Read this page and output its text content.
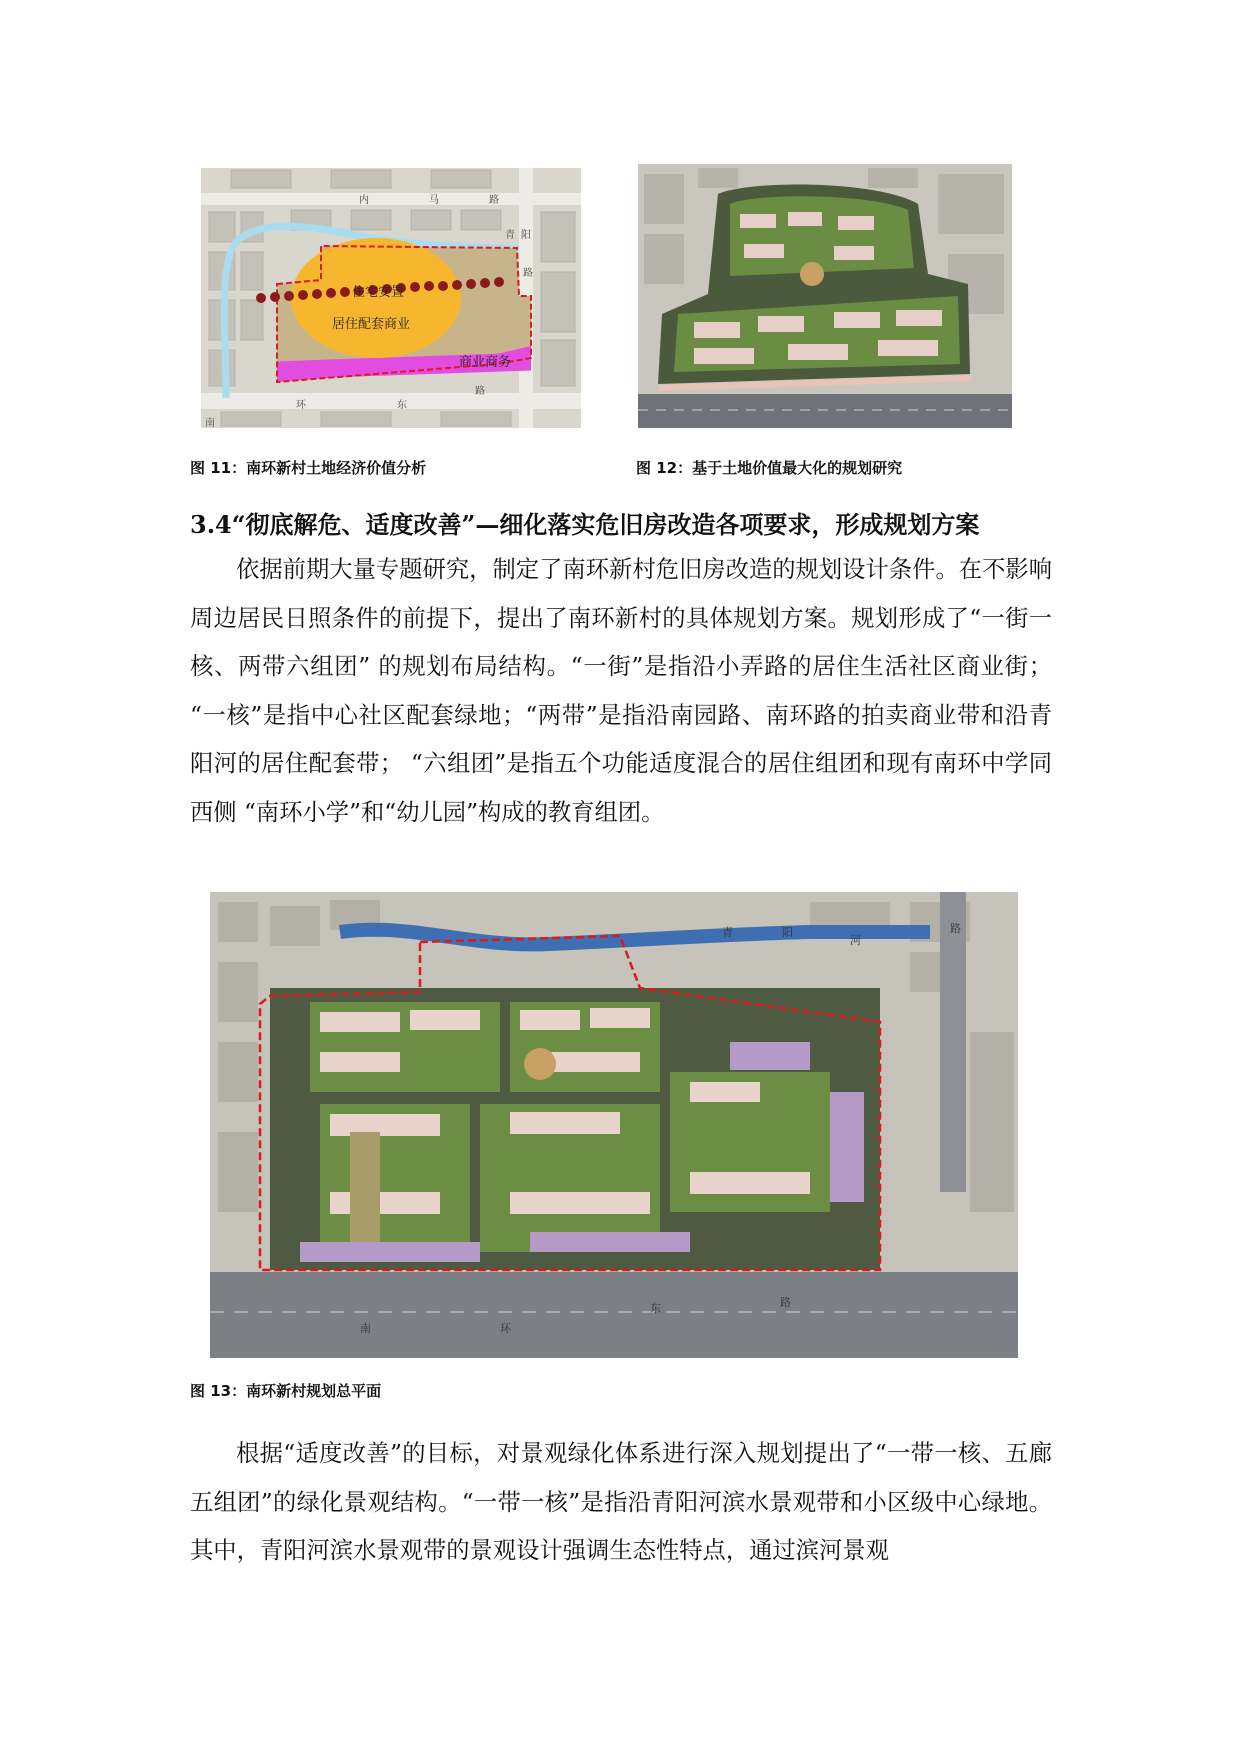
住宅安置
居住配套商业
商业商务
内	马	路
青 阳
路
南
环	东
路
图 11：南环新村土地经济价值分析	图 12：基于土地价值最大化的规划研究
3.4“彻底解危、适度改善”—细化落实危旧房改造各项要求，形成规划方案

依据前期大量专题研究，制定了南环新村危旧房改造的规划设计条件。在不影响周边居民日照条件的前提下，提出了南环新村的具体规划方案。规划形成了“一街一核、两带六组团” 的规划布局结构。“一街”是指沿小弄路的居住生活社区商业街； “一核”是指中心社区配套绿地；“两带”是指沿南园路、南环路的拍卖商业带和沿青阳河的居住配套带； “六组团”是指五个功能适度混合的居住组团和现有南环中学同西侧 “南环小学”和“幼儿园”构成的教育组团。

青	阳
河
路
南	环
东	路
图 13：南环新村规划总平面

根据“适度改善”的目标，对景观绿化体系进行深入规划提出了“一带一核、五廊五组团”的绿化景观结构。“一带一核”是指沿青阳河滨水景观带和小区级中心绿地。其中，青阳河滨水景观带的景观设计强调生态性特点，通过滨河景观
